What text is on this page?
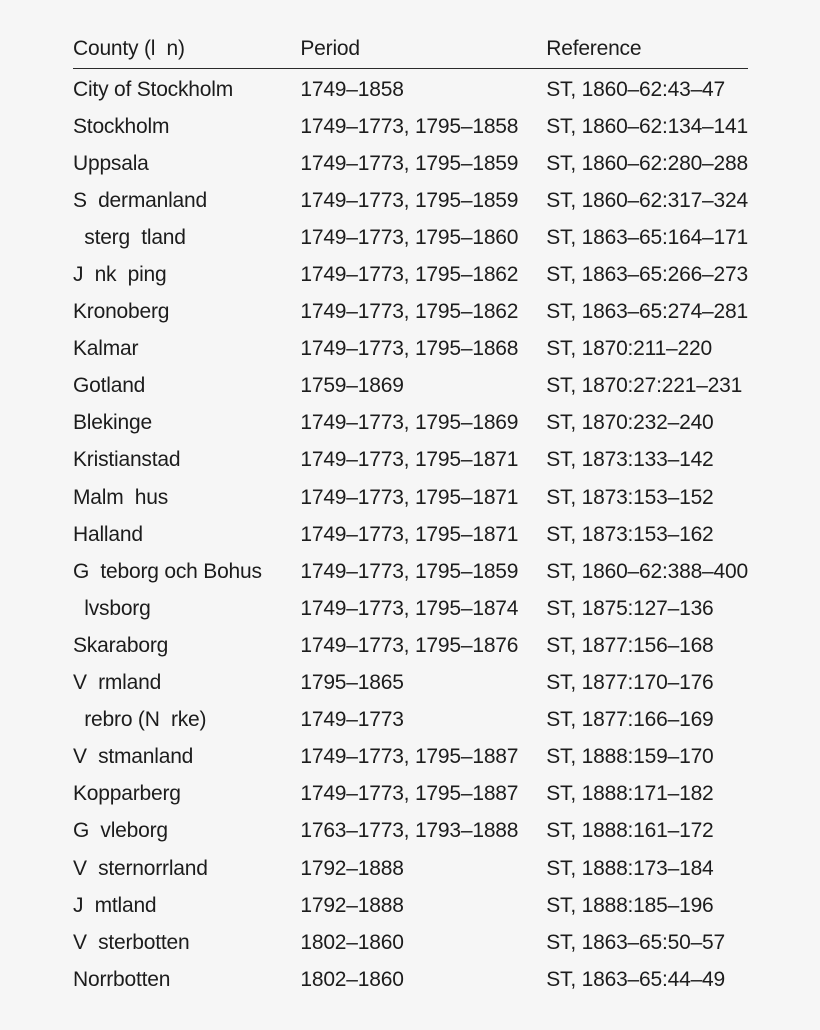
County (l  n)	Period	Reference
City of Stockholm	1749–1858	ST, 1860–62:43–47
Stockholm	1749–1773, 1795–1858	ST, 1860–62:134–141
Uppsala	1749–1773, 1795–1859	ST, 1860–62:280–288
S  dermanland	1749–1773, 1795–1859	ST, 1860–62:317–324
sterg  tland	1749–1773, 1795–1860	ST, 1863–65:164–171
J  nk  ping	1749–1773, 1795–1862	ST, 1863–65:266–273
Kronoberg	1749–1773, 1795–1862	ST, 1863–65:274–281
Kalmar	1749–1773, 1795–1868	ST, 1870:211–220
Gotland	1759–1869	ST, 1870:27:221–231
Blekinge	1749–1773, 1795–1869	ST, 1870:232–240
Kristianstad	1749–1773, 1795–1871	ST, 1873:133–142
Malm  hus	1749–1773, 1795–1871	ST, 1873:153–152
Halland	1749–1773, 1795–1871	ST, 1873:153–162
G  teborg och Bohus	1749–1773, 1795–1859	ST, 1860–62:388–400
lvsborg	1749–1773, 1795–1874	ST, 1875:127–136
Skaraborg	1749–1773, 1795–1876	ST, 1877:156–168
V  rmland	1795–1865	ST, 1877:170–176
rebro (N  rke)	1749–1773	ST, 1877:166–169
V  stmanland	1749–1773, 1795–1887	ST, 1888:159–170
Kopparberg	1749–1773, 1795–1887	ST, 1888:171–182
G  vleborg	1763–1773, 1793–1888	ST, 1888:161–172
V  sternorrland	1792–1888	ST, 1888:173–184
J  mtland	1792–1888	ST, 1888:185–196
V  sterbotten	1802–1860	ST, 1863–65:50–57
Norrbotten	1802–1860	ST, 1863–65:44–49
